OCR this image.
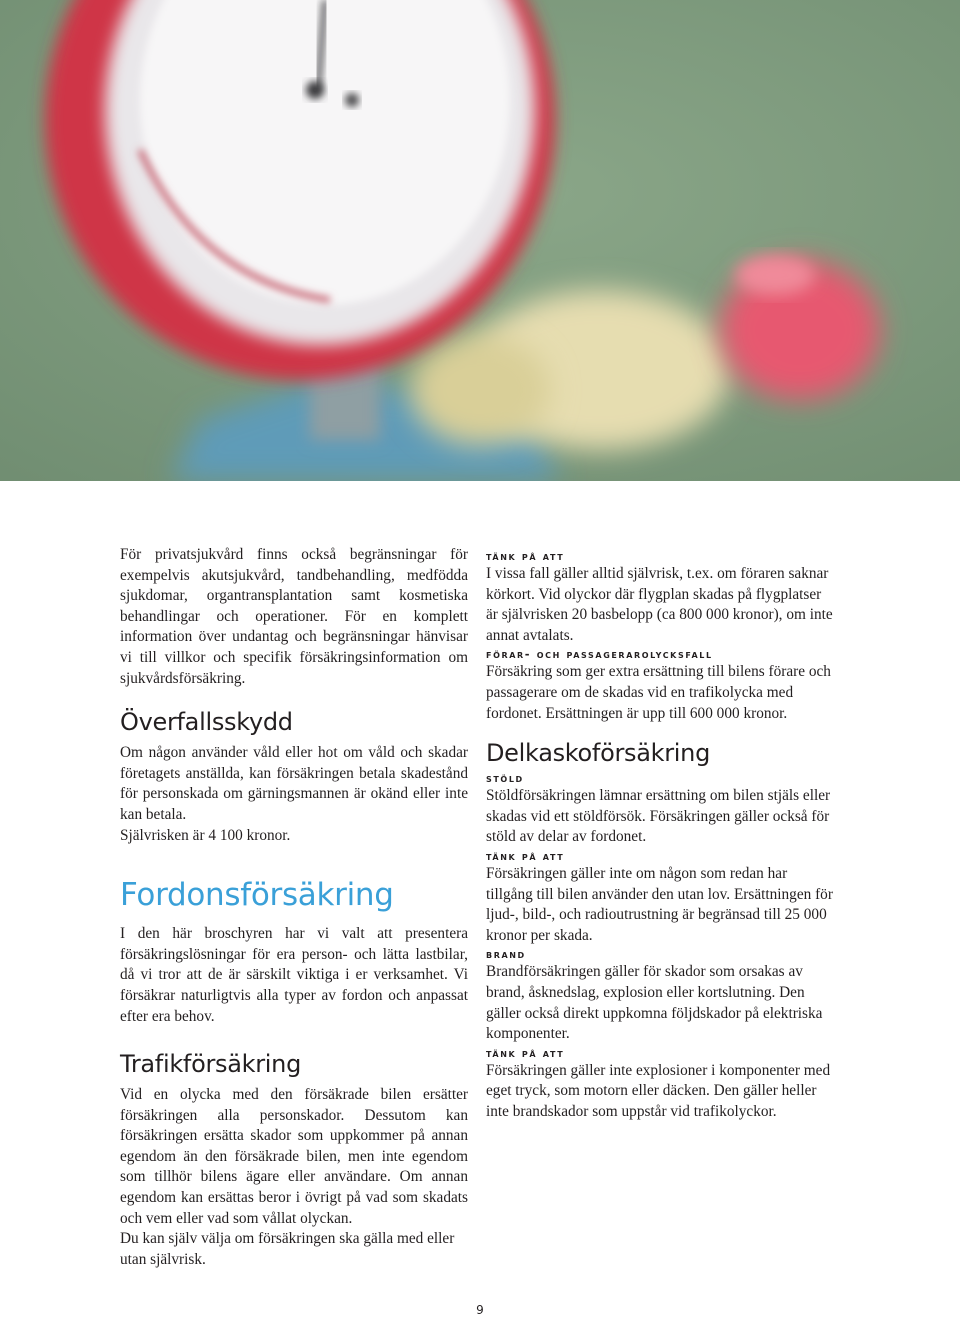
För privatsjukvård finns också begränsningar för exempelvis akutsjukvård, tandbehandling, medfödda sjukdomar, organtransplantation samt kosmetiska behandlingar och operationer. För en komplett information över undantag och begränsningar hänvisar vi till villkor och specifik försäkringsinformation om sjukvårdsförsäkring.

Överfallsskydd

Om någon använder våld eller hot om våld och skadar företagets anställda, kan försäkringen betala skadestånd för personskada om gärningsmannen är okänd eller inte kan betala.

Självrisken är 4 100 kronor.

Fordonsförsäkring

I den här broschyren har vi valt att presentera försäkringslösningar för era person- och lätta lastbilar, då vi tror att de är särskilt viktiga i er verksamhet. Vi försäkrar naturligtvis alla typer av fordon och anpassat efter era behov.

Trafikförsäkring

Vid en olycka med den försäkrade bilen ersätter försäkringen alla personskador. Dessutom kan försäkringen ersätta skador som uppkommer på annan egendom än den försäkrade bilen, men inte egendom som tillhör bilens ägare eller användare. Om annan egendom kan ersättas beror i övrigt på vad som skadats och vem eller vad som vållat olyckan.

Du kan själv välja om försäkringen ska gälla med eller utan självrisk.

tänk på att

I vissa fall gäller alltid självrisk, t.ex. om föraren saknar körkort. Vid olyckor där flygplan skadas på flygplatser är självrisken 20 basbelopp (ca 800 000 kronor), om inte annat avtalats.

förar- och passagerarolycksfall

Försäkring som ger extra ersättning till bilens förare och passagerare om de skadas vid en trafikolycka med fordonet. Ersättningen är upp till 600 000 kronor.

Delkaskoförsäkring

stöld

Stöldförsäkringen lämnar ersättning om bilen stjäls eller skadas vid ett stöldförsök. Försäkringen gäller också för stöld av delar av fordonet.

tänk på att

Försäkringen gäller inte om någon som redan har tillgång till bilen använder den utan lov. Ersättningen för ljud-, bild-, och radioutrustning är begränsad till 25 000 kronor per skada.

brand

Brandförsäkringen gäller för skador som orsakas av brand, åsknedslag, explosion eller kortslutning. Den gäller också direkt uppkomna följdskador på elektriska komponenter.

tänk på att

Försäkringen gäller inte explosioner i komponenter med eget tryck, som motorn eller däcken. Den gäller heller inte brandskador som uppstår vid trafikolyckor.

9
